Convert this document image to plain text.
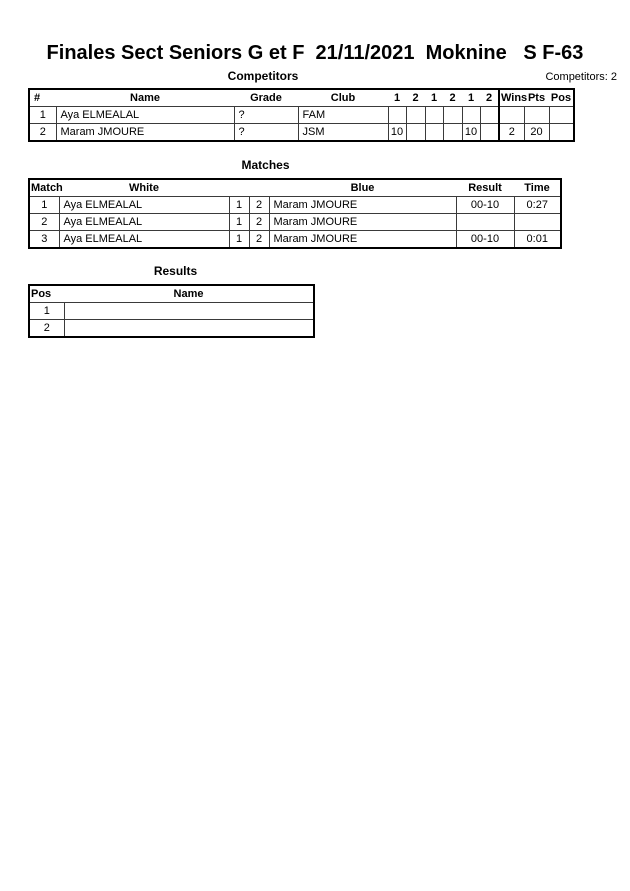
Finales Sect Seniors G et F  21/11/2021  Moknine   S F-63
Competitors	Competitors: 2
#	Name	Grade	Club	1	2	1	2	1	2	Wins	Pts	Pos
1	Aya ELMEALAL	?	FAM									
2	Maram JMOURE	?	JSM	10				10		2	20	
Matches
Match	White			Blue	Result	Time
1	Aya ELMEALAL	1	2	Maram JMOURE	00-10	0:27
2	Aya ELMEALAL	1	2	Maram JMOURE		
3	Aya ELMEALAL	1	2	Maram JMOURE	00-10	0:01
Results
Pos	Name
1	
2	
